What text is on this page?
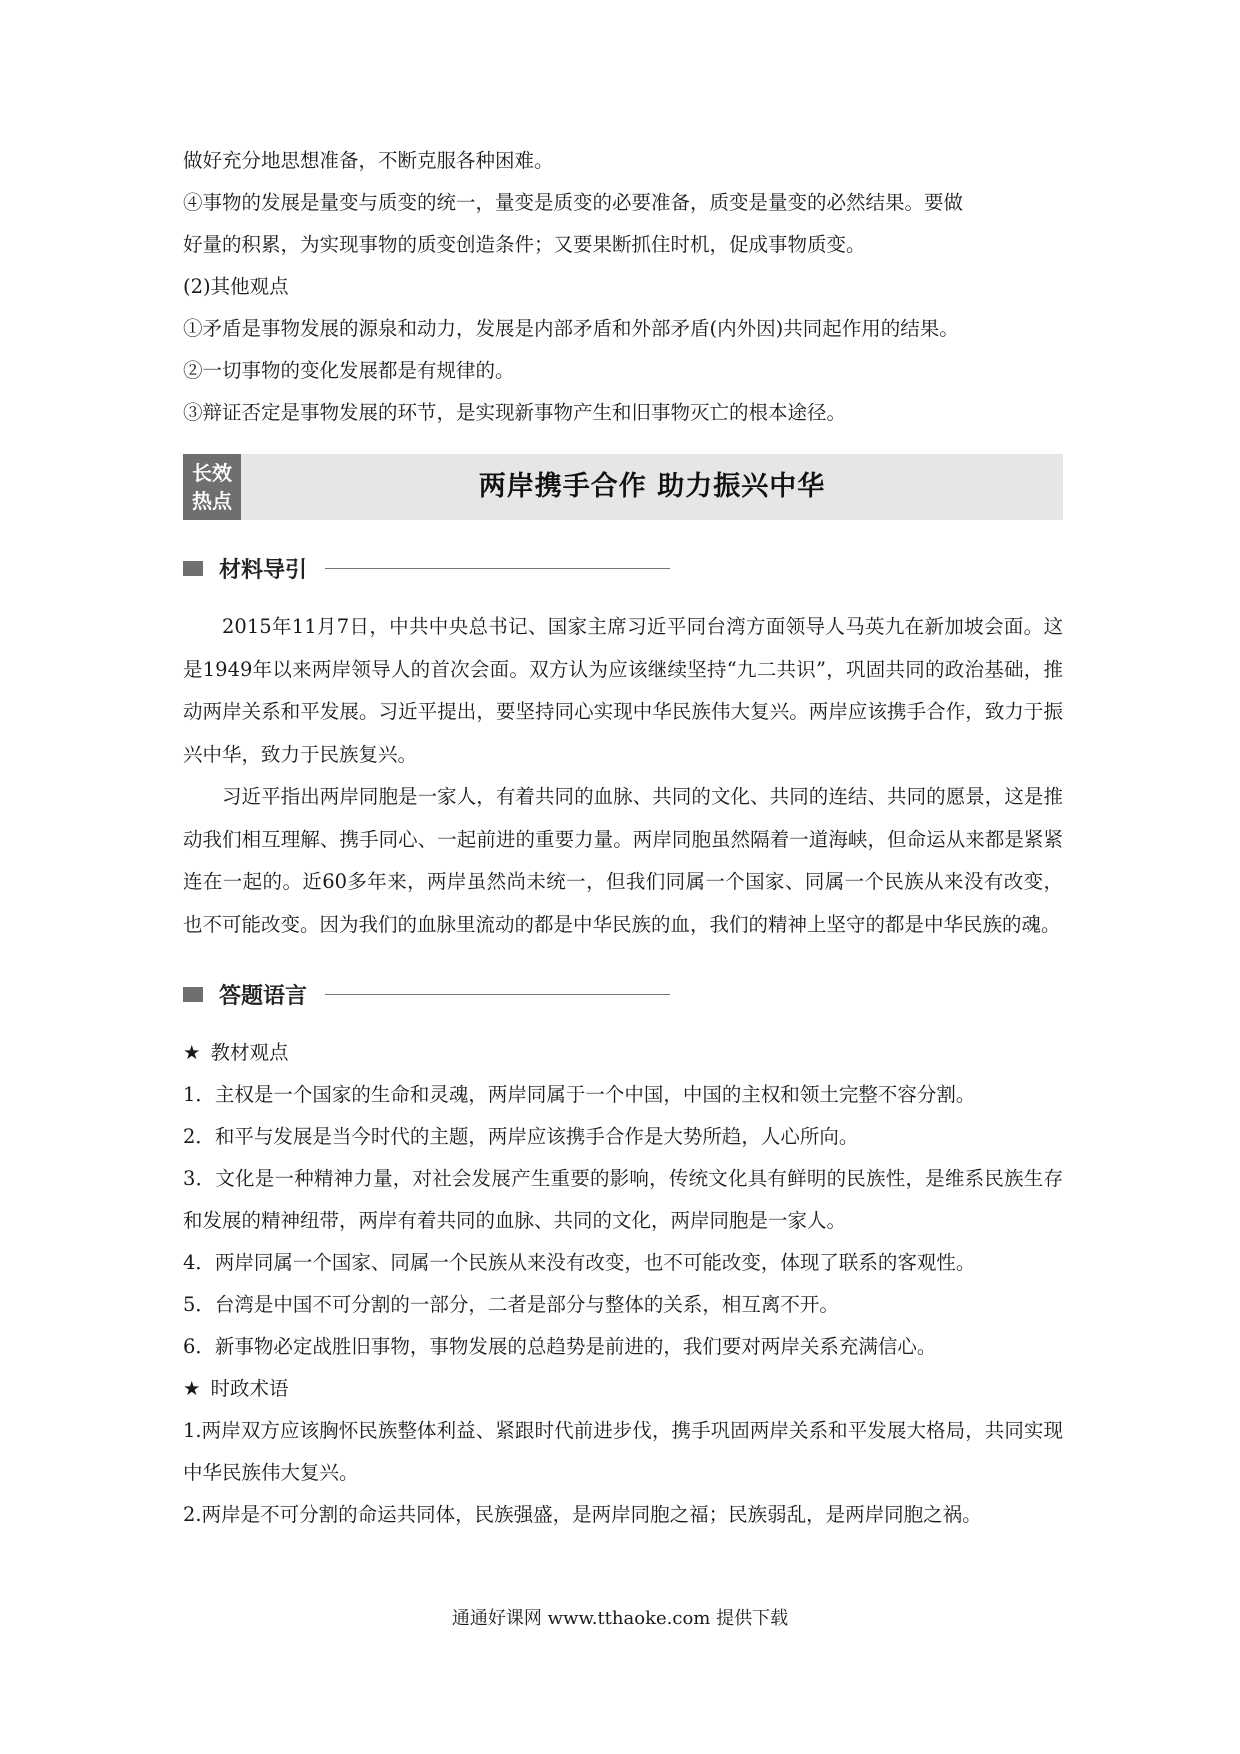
做好充分地思想准备，不断克服各种困难。

④事物的发展是量变与质变的统一，量变是质变的必要准备，质变是量变的必然结果。要做

好量的积累，为实现事物的质变创造条件；又要果断抓住时机，促成事物质变。

(2)其他观点

①矛盾是事物发展的源泉和动力，发展是内部矛盾和外部矛盾(内外因)共同起作用的结果。

②一切事物的变化发展都是有规律的。

③辩证否定是事物发展的环节，是实现新事物产生和旧事物灭亡的根本途径。

长效
热点	两岸携手合作 助力振兴中华
材料导引

2015年11月7日，中共中央总书记、国家主席习近平同台湾方面领导人马英九在新加坡会面。这是1949年以来两岸领导人的首次会面。双方认为应该继续坚持“九二共识”，巩固共同的政治基础，推动两岸关系和平发展。习近平提出，要坚持同心实现中华民族伟大复兴。两岸应该携手合作，致力于振兴中华，致力于民族复兴。

习近平指出两岸同胞是一家人，有着共同的血脉、共同的文化、共同的连结、共同的愿景，这是推动我们相互理解、携手同心、一起前进的重要力量。两岸同胞虽然隔着一道海峡，但命运从来都是紧紧连在一起的。近60多年来，两岸虽然尚未统一，但我们同属一个国家、同属一个民族从来没有改变，也不可能改变。因为我们的血脉里流动的都是中华民族的血，我们的精神上坚守的都是中华民族的魂。

答题语言

★ 教材观点

1．主权是一个国家的生命和灵魂，两岸同属于一个中国，中国的主权和领土完整不容分割。

2．和平与发展是当今时代的主题，两岸应该携手合作是大势所趋，人心所向。

3．文化是一种精神力量，对社会发展产生重要的影响，传统文化具有鲜明的民族性，是维系民族生存和发展的精神纽带，两岸有着共同的血脉、共同的文化，两岸同胞是一家人。

4．两岸同属一个国家、同属一个民族从来没有改变，也不可能改变，体现了联系的客观性。

5．台湾是中国不可分割的一部分，二者是部分与整体的关系，相互离不开。

6．新事物必定战胜旧事物，事物发展的总趋势是前进的，我们要对两岸关系充满信心。

★ 时政术语

1.两岸双方应该胸怀民族整体利益、紧跟时代前进步伐，携手巩固两岸关系和平发展大格局，共同实现中华民族伟大复兴。

2.两岸是不可分割的命运共同体，民族强盛，是两岸同胞之福；民族弱乱，是两岸同胞之祸。

通通好课网 www.tthaoke.com 提供下载
